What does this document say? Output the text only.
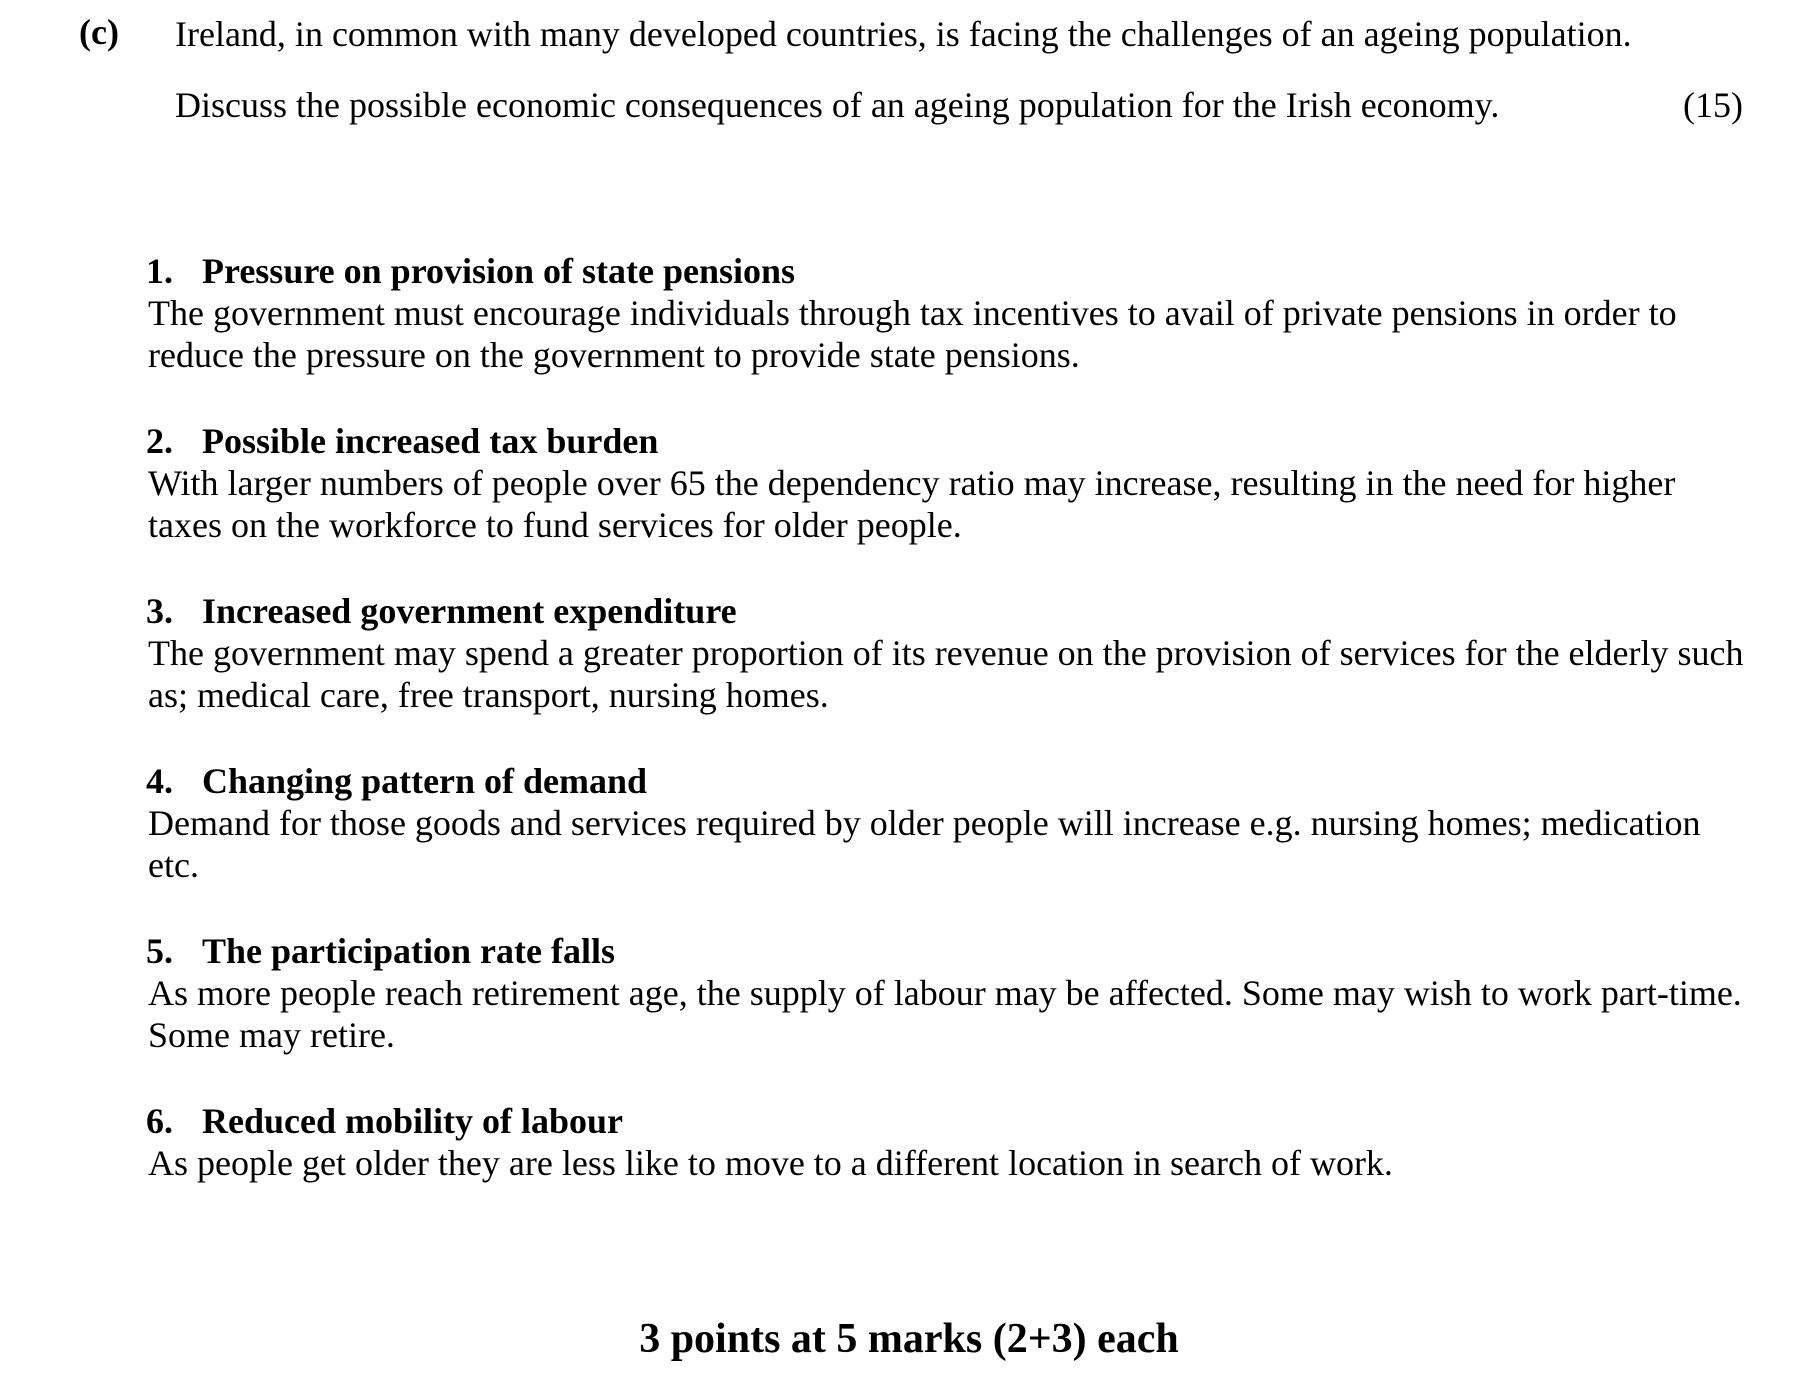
(c) Ireland, in common with many developed countries, is facing the challenges of an ageing population.
Discuss the possible economic consequences of an ageing population for the Irish economy.	(15)
1. Pressure on provision of state pensions
The government must encourage individuals through tax incentives to avail of private pensions in order to reduce the pressure on the government to provide state pensions.
2. Possible increased tax burden
With larger numbers of people over 65 the dependency ratio may increase, resulting in the need for higher taxes on the workforce to fund services for older people.
3. Increased government expenditure
The government may spend a greater proportion of its revenue on the provision of services for the elderly such as; medical care, free transport, nursing homes.
4. Changing pattern of demand
Demand for those goods and services required by older people will increase e.g. nursing homes; medication etc.
5. The participation rate falls
As more people reach retirement age, the supply of labour may be affected. Some may wish to work part-time. Some may retire.
6. Reduced mobility of labour
As people get older they are less like to move to a different location in search of work.
3 points at 5 marks (2+3) each
